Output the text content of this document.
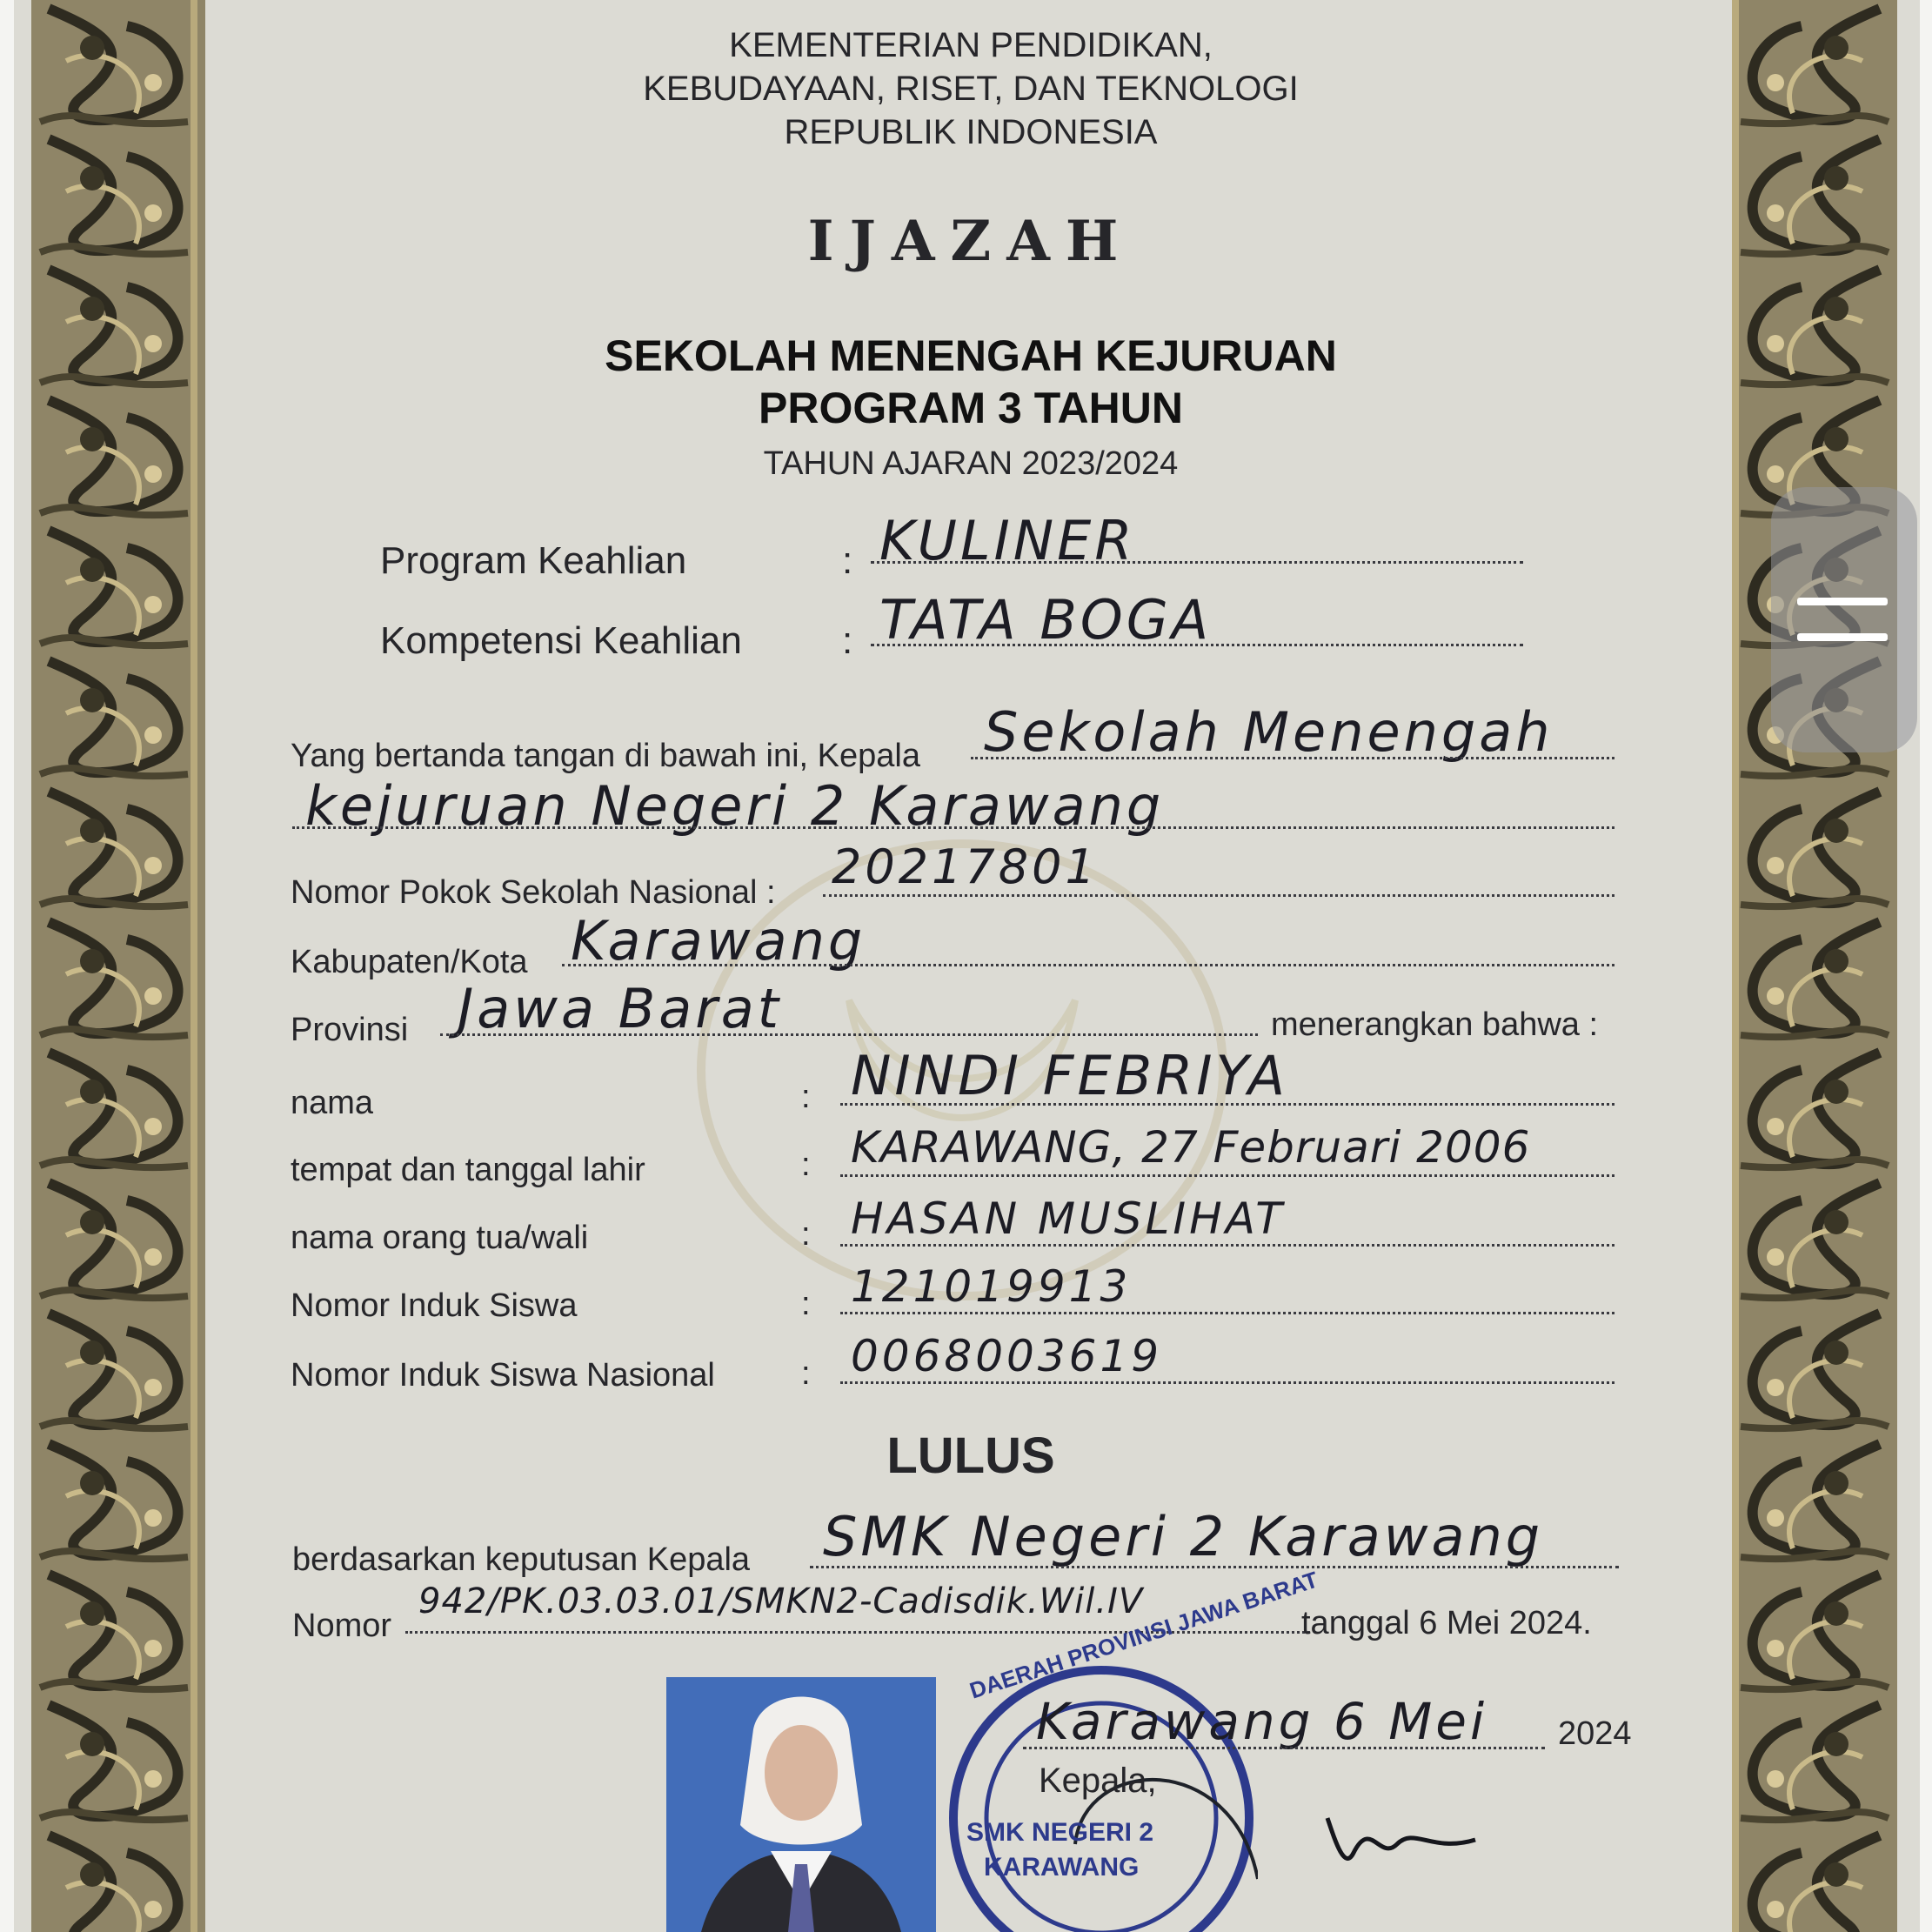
KEMENTERIAN PENDIDIKAN,
KEBUDAYAAN, RISET, DAN TEKNOLOGI
REPUBLIK INDONESIA
IJAZAH
SEKOLAH MENENGAH KEJURUAN
PROGRAM 3 TAHUN
TAHUN AJARAN 2023/2024
Program Keahlian	: KULINER
Kompetensi Keahlian	: TATA BOGA
Yang bertanda tangan di bawah ini, Kepala Sekolah Menengah
kejuruan Negeri 2 Karawang
Nomor Pokok Sekolah Nasional : 20217801
Kabupaten/Kota Karawang
Provinsi Jawa Barat	menerangkan bahwa :
nama	: NINDI FEBRIYA
tempat dan tanggal lahir	: KARAWANG, 27 Februari 2006
nama orang tua/wali	: HASAN MUSLIHAT
Nomor Induk Siswa	: 121019913
Nomor Induk Siswa Nasional	: 0068003619
LULUS
berdasarkan keputusan Kepala SMK Negeri 2 Karawang
Nomor
942/PK.03.03.01/SMKN2-Cadisdik.Wil.IV
tanggal 6 Mei 2024.
DAERAH PROVINSI JAWA BARAT
SMK NEGERI 2
KARAWANG
Karawang 6 Mei 2024
Kepala,
